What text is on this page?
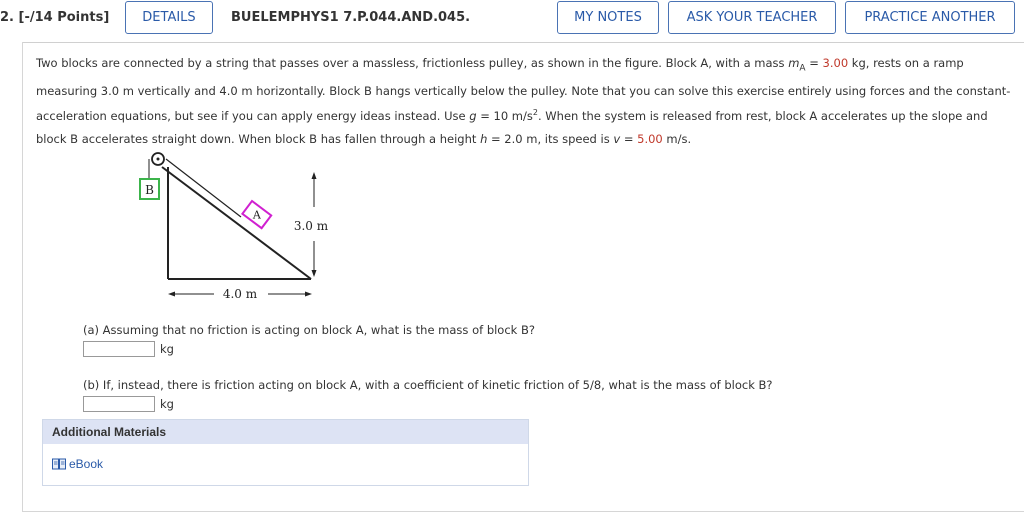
2. [-/14 Points]	DETAILS	BUELEMPHYS1 7.P.044.AND.045.	MY NOTES	ASK YOUR TEACHER	PRACTICE ANOTHER
Two blocks are connected by a string that passes over a massless, frictionless pulley, as shown in the figure. Block A, with a mass $m_A = 3.00$ kg, rests on a ramp measuring 3.0 m vertically and 4.0 m horizontally. Block B hangs vertically below the pulley. Note that you can solve this exercise entirely using forces and the constant-acceleration equations, but see if you can apply energy ideas instead. Use g = 10 $m/s^2$. When the system is released from rest, block A accelerates up the slope and block B accelerates straight down. When block B has fallen through a height h = 2.0 m, its speed is v = 5.00 m/s.
B
A
3.0 m
4.0 m
(a) Assuming that no friction is acting on block A, what is the mass of block B?
kg
(b) If, instead, there is friction acting on block A, with a coefficient of kinetic friction of 5/8, what is the mass of block B?
kg
Additional Materials
eBook
